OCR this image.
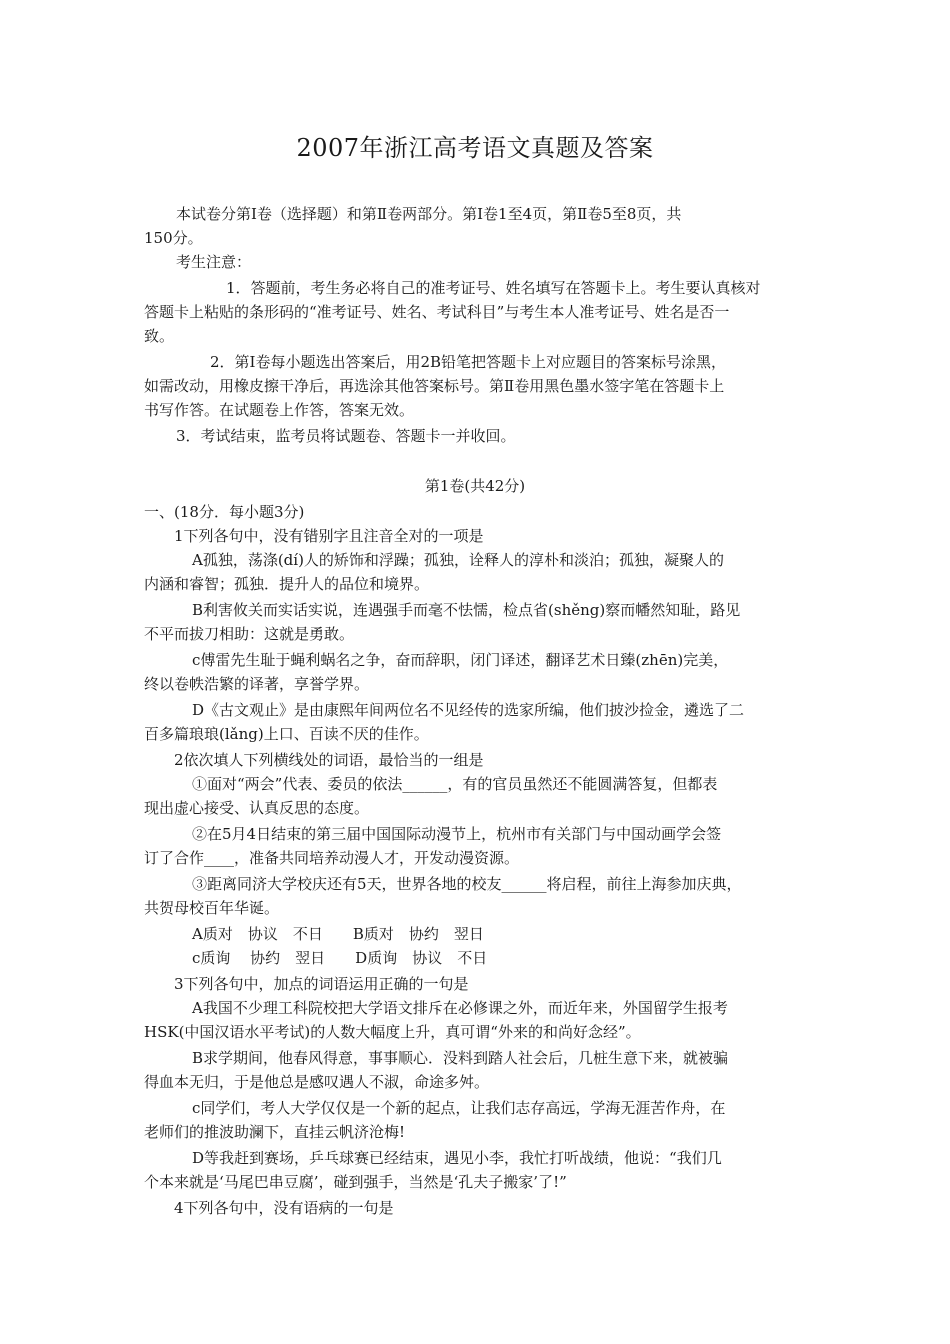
2007年浙江高考语文真题及答案
本试卷分第Ⅰ卷（选择题）和第Ⅱ卷两部分。第Ⅰ卷1至4页，第Ⅱ卷5至8页，共
150分。
考生注意：
1．答题前，考生务必将自己的准考证号、姓名填写在答题卡上。考生要认真核对
答题卡上粘贴的条形码的“准考证号、姓名、考试科目”与考生本人准考证号、姓名是否一
致。
2．第Ⅰ卷每小题选出答案后，用2B铅笔把答题卡上对应题目的答案标号涂黑，
如需改动，用橡皮擦干净后，再选涂其他答案标号。第Ⅱ卷用黑色墨水签字笔在答题卡上
书写作答。在试题卷上作答，答案无效。
3．考试结束，监考员将试题卷、答题卡一并收回。
第1卷(共42分)
一、(18分．每小题3分)
1下列各句中，没有错别字且注音全对的一项是
A孤独，荡涤(dí)人的矫饰和浮躁；孤独，诠释人的淳朴和淡泊；孤独，凝聚人的
内涵和睿智；孤独．提升人的品位和境界。
B利害攸关而实话实说，连遇强手而毫不怯懦，检点省(shěng)察而幡然知耻，路见
不平而拔刀相助：这就是勇敢。
c傅雷先生耻于蝇利蜗名之争，奋而辞职，闭门译述，翻译艺术日臻(zhēn)完美，
终以卷帙浩繁的译著，享誉学界。
D《古文观止》是由康熙年间两位名不见经传的选家所编，他们披沙捡金，遴选了二
百多篇琅琅(lǎng)上口、百读不厌的佳作。
2依次填人下列横线处的词语，最恰当的一组是
①面对“两会”代表、委员的依法______，有的官员虽然还不能圆满答复，但都表
现出虚心接受、认真反思的态度。
②在5月4日结束的第三届中国国际动漫节上，杭州市有关部门与中国动画学会签
订了合作____，准备共同培养动漫人才，开发动漫资源。
③距离同济大学校庆还有5天，世界各地的校友______将启程，前往上海参加庆典，
共贺母校百年华诞。
A质对　协议　不日　　B质对　协约　翌日
c质询　 协约　翌日　　D质询　协议　不日
3下列各句中，加点的词语运用正确的一句是
A我国不少理工科院校把大学语文排斥在必修课之外，而近年来，外国留学生报考
HSK(中国汉语水平考试)的人数大幅度上升，真可谓“外来的和尚好念经”。
B求学期间，他春风得意，事事顺心．没料到踏人社会后，几桩生意下来，就被骗
得血本无归，于是他总是感叹遇人不淑，命途多舛。
c同学们，考人大学仅仅是一个新的起点，让我们志存高远，学海无涯苦作舟，在
老师们的推波助澜下，直挂云帆济沧梅!
D等我赶到赛场，乒乓球赛已经结束，遇见小李，我忙打听战绩，他说：“我们几
个本来就是‘马尾巴串豆腐’，碰到强手，当然是‘孔夫子搬家’了!”
4下列各句中，没有语病的一句是
